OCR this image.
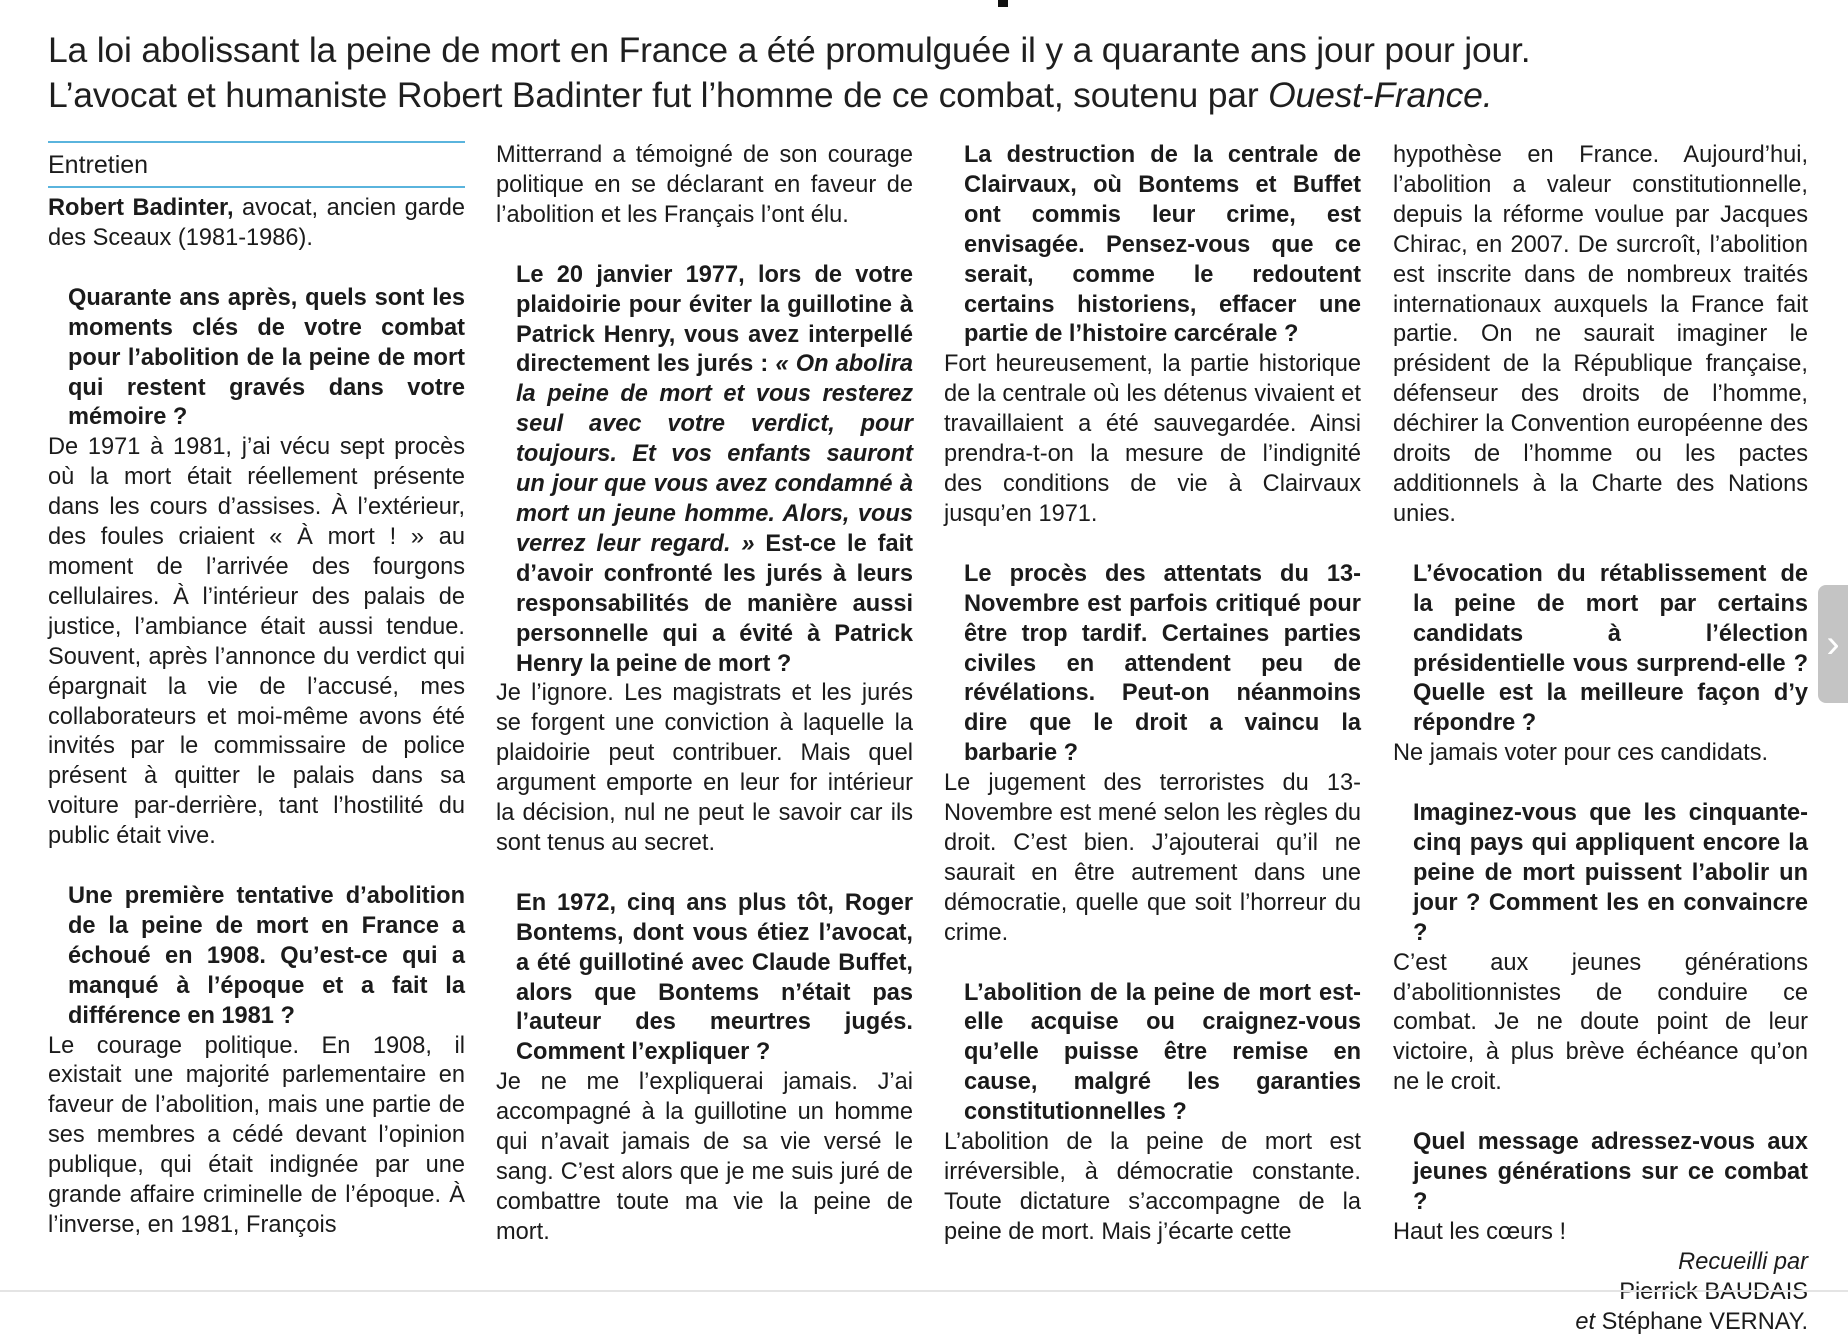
La loi abolissant la peine de mort en France a été promulguée il y a quarante ans jour pour jour.

L’avocat et humaniste Robert Badinter fut l’homme de ce combat, soutenu par Ouest-France.

Entretien

Robert Badinter, avocat, ancien garde des Sceaux (1981-1986).

Quarante ans après, quels sont les moments clés de votre combat pour l’abolition de la peine de mort qui restent gravés dans votre mémoire ?

De 1971 à 1981, j’ai vécu sept procès où la mort était réellement présente dans les cours d’assises. À l’extérieur, des foules criaient « À mort ! » au moment de l’arrivée des fourgons cellulaires. À l’intérieur des palais de justice, l’ambiance était aussi tendue. Souvent, après l’annonce du verdict qui épargnait la vie de l’accusé, mes collaborateurs et moi-même avons été invités par le commissaire de police présent à quitter le palais dans sa voiture par-derrière, tant l’hostilité du public était vive.

Une première tentative d’abolition de la peine de mort en France a échoué en 1908. Qu’est-ce qui a manqué à l’époque et a fait la différence en 1981 ?

Le courage politique. En 1908, il existait une majorité parlementaire en faveur de l’abolition, mais une partie de ses membres a cédé devant l’opinion publique, qui était indignée par une grande affaire criminelle de l’époque. À l’inverse, en 1981, François

Mitterrand a témoigné de son courage politique en se déclarant en faveur de l’abolition et les Français l’ont élu.

Le 20 janvier 1977, lors de votre plaidoirie pour éviter la guillotine à Patrick Henry, vous avez interpellé directement les jurés : « On abolira la peine de mort et vous resterez seul avec votre verdict, pour toujours. Et vos enfants sauront un jour que vous avez condamné à mort un jeune homme. Alors, vous verrez leur regard. » Est-ce le fait d’avoir confronté les jurés à leurs responsabilités de manière aussi personnelle qui a évité à Patrick Henry la peine de mort ?

Je l’ignore. Les magistrats et les jurés se forgent une conviction à laquelle la plaidoirie peut contribuer. Mais quel argument emporte en leur for intérieur la décision, nul ne peut le savoir car ils sont tenus au secret.

En 1972, cinq ans plus tôt, Roger Bontems, dont vous étiez l’avocat, a été guillotiné avec Claude Buffet, alors que Bontems n’était pas l’auteur des meurtres jugés. Comment l’expliquer ?

Je ne me l’expliquerai jamais. J’ai accompagné à la guillotine un homme qui n’avait jamais de sa vie versé le sang. C’est alors que je me suis juré de combattre toute ma vie la peine de mort.

La destruction de la centrale de Clairvaux, où Bontems et Buffet ont commis leur crime, est envisagée. Pensez-vous que ce serait, comme le redoutent certains historiens, effacer une partie de l’histoire carcérale ?

Fort heureusement, la partie historique de la centrale où les détenus vivaient et travaillaient a été sauvegardée. Ainsi prendra-t-on la mesure de l’indignité des conditions de vie à Clairvaux jusqu’en 1971.

Le procès des attentats du 13-Novembre est parfois critiqué pour être trop tardif. Certaines parties civiles en attendent peu de révélations. Peut-on néanmoins dire que le droit a vaincu la barbarie ?

Le jugement des terroristes du 13-Novembre est mené selon les règles du droit. C’est bien. J’ajouterai qu’il ne saurait en être autrement dans une démocratie, quelle que soit l’horreur du crime.

L’abolition de la peine de mort est-elle acquise ou craignez-vous qu’elle puisse être remise en cause, malgré les garanties constitutionnelles ?

L’abolition de la peine de mort est irréversible, à démocratie constante. Toute dictature s’accompagne de la peine de mort. Mais j’écarte cette

hypothèse en France. Aujourd’hui, l’abolition a valeur constitutionnelle, depuis la réforme voulue par Jacques Chirac, en 2007. De surcroît, l’abolition est inscrite dans de nombreux traités internationaux auxquels la France fait partie. On ne saurait imaginer le président de la République française, défenseur des droits de l’homme, déchirer la Convention européenne des droits de l’homme ou les pactes additionnels à la Charte des Nations unies.

L’évocation du rétablissement de la peine de mort par certains candidats à l’élection présidentielle vous surprend-elle ? Quelle est la meilleure façon d’y répondre ?

Ne jamais voter pour ces candidats.

Imaginez-vous que les cinquante-cinq pays qui appliquent encore la peine de mort puissent l’abolir un jour ? Comment les en convaincre ?

C’est aux jeunes générations d’abolitionnistes de conduire ce combat. Je ne doute point de leur victoire, à plus brève échéance qu’on ne le croit.

Quel message adressez-vous aux jeunes générations sur ce combat ?

Haut les cœurs !

Recueilli par

Pierrick BAUDAIS

et Stéphane VERNAY.

›
